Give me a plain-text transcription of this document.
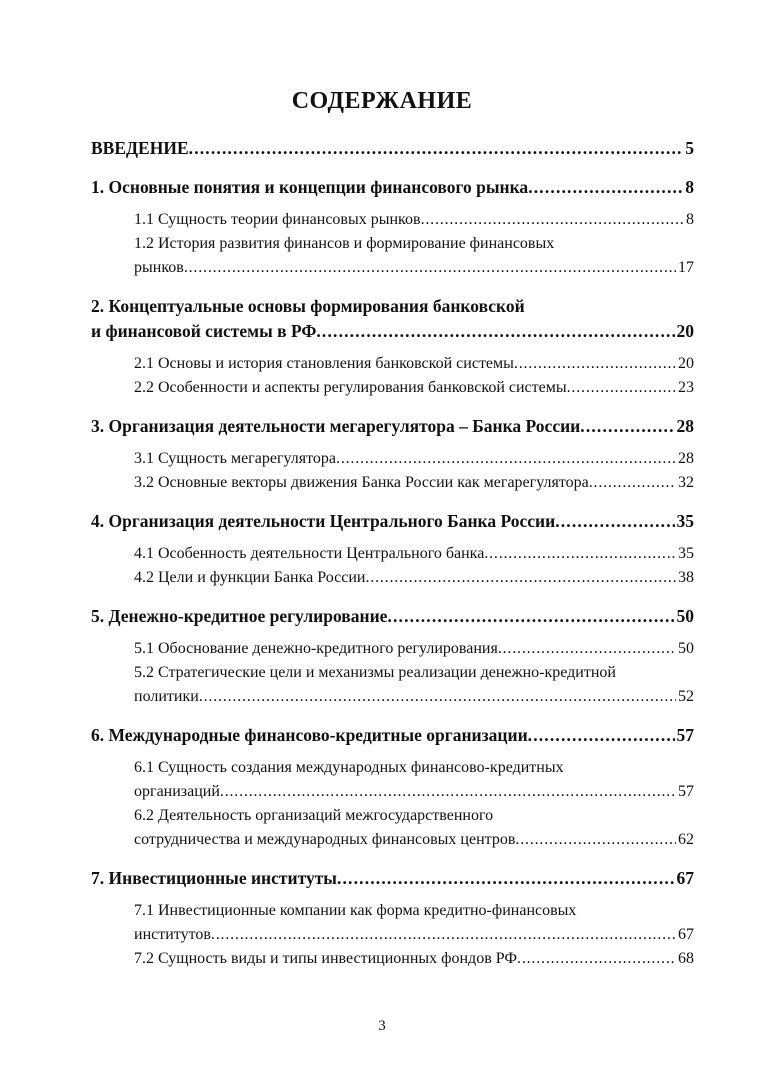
СОДЕРЖАНИЕ
ВВЕДЕНИЕ . . .	5
1. Основные понятия и концепции финансового рынка . . .	8
1.1 Сущность теории финансовых рынков . . .	8
1.2 История развития финансов и формирование финансовых
рынков . . .	17
2. Концептуальные основы формирования банковской
и финансовой системы в РФ . . .	20
2.1 Основы и история становления банковской системы . . .	20
2.2 Особенности и аспекты регулирования банковской системы . . .	23
3. Организация деятельности мегарегулятора – Банка России . . .	28
3.1 Сущность мегарегулятора . . .	28
3.2 Основные векторы движения Банка России как мегарегулятора . . .	32
4. Организация деятельности Центрального Банка России . . .	35
4.1 Особенность деятельности Центрального банка . . .	35
4.2 Цели и функции Банка России . . .	38
5. Денежно-кредитное регулирование . . .	50
5.1 Обоснование денежно-кредитного регулирования . . .	50
5.2 Стратегические цели и механизмы реализации денежно-кредитной
политики . . .	52
6. Международные финансово-кредитные организации . . .	57
6.1 Сущность создания международных финансово-кредитных
организаций . . .	57
6.2 Деятельность организаций межгосударственного
сотрудничества и международных финансовых центров . . .	62
7. Инвестиционные институты . . .	67
7.1 Инвестиционные компании как форма кредитно-финансовых
институтов . . .	67
7.2 Сущность виды и типы инвестиционных фондов РФ . . .	68
3
